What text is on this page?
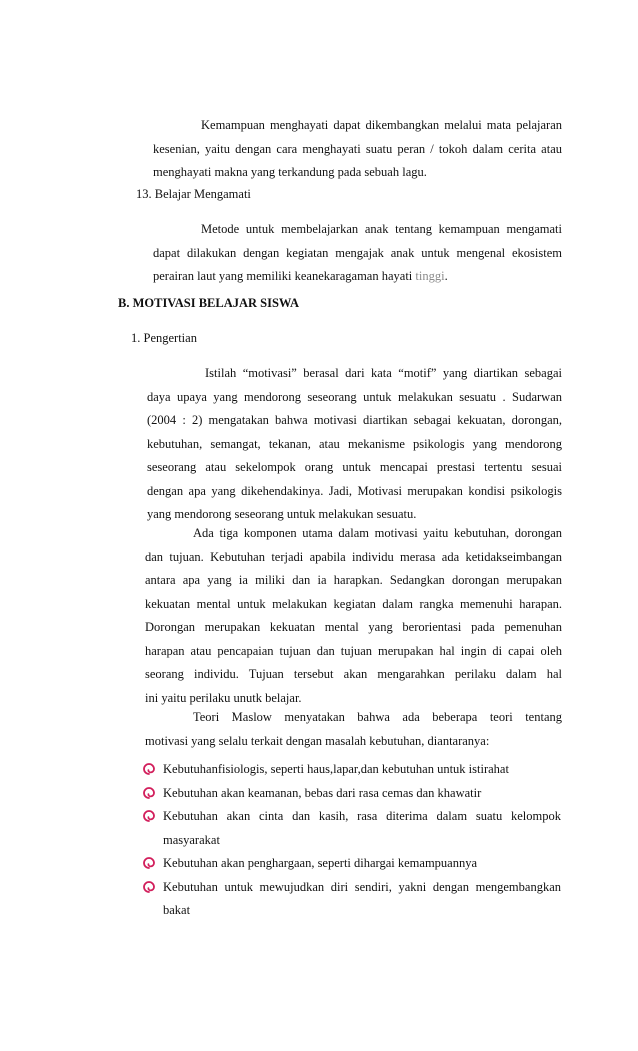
Kemampuan menghayati dapat dikembangkan melalui mata pelajaran
kesenian, yaitu dengan cara menghayati suatu peran / tokoh dalam cerita atau
menghayati makna yang terkandung pada sebuah lagu.
13. Belajar Mengamati
Metode untuk membelajarkan anak tentang kemampuan mengamati
dapat dilakukan dengan kegiatan mengajak anak untuk mengenal ekosistem
perairan laut yang memiliki keanekaragaman hayati tinggi.
B. MOTIVASI BELAJAR SISWA
1. Pengertian
Istilah “motivasi” berasal dari kata “motif” yang diartikan sebagai
daya upaya yang mendorong seseorang untuk melakukan sesuatu . Sudarwan
(2004 : 2) mengatakan bahwa motivasi diartikan sebagai kekuatan, dorongan,
kebutuhan, semangat, tekanan, atau mekanisme psikologis yang mendorong
seseorang atau sekelompok orang untuk mencapai prestasi tertentu sesuai
dengan apa yang dikehendakinya. Jadi, Motivasi merupakan kondisi psikologis
yang mendorong seseorang untuk melakukan sesuatu.
Ada tiga komponen utama dalam motivasi yaitu kebutuhan, dorongan
dan tujuan. Kebutuhan terjadi apabila individu merasa ada ketidakseimbangan
antara apa yang ia miliki dan ia harapkan. Sedangkan dorongan merupakan
kekuatan mental untuk melakukan kegiatan dalam rangka memenuhi harapan.
Dorongan merupakan kekuatan mental yang berorientasi pada pemenuhan
harapan atau pencapaian tujuan dan tujuan merupakan hal ingin di capai oleh
seorang individu. Tujuan tersebut akan mengarahkan perilaku dalam hal
ini yaitu perilaku unutk belajar.
Teori Maslow menyatakan bahwa ada beberapa teori tentang
motivasi yang selalu terkait dengan masalah kebutuhan, diantaranya:
Kebutuhanfisiologis, seperti haus,lapar,dan kebutuhan untuk istirahat
Kebutuhan akan keamanan, bebas dari rasa cemas dan khawatir
Kebutuhan akan cinta dan kasih, rasa diterima dalam suatu kelompok
masyarakat
Kebutuhan akan penghargaan, seperti dihargai kemampuannya
Kebutuhan untuk mewujudkan diri sendiri, yakni dengan mengembangkan
bakat
